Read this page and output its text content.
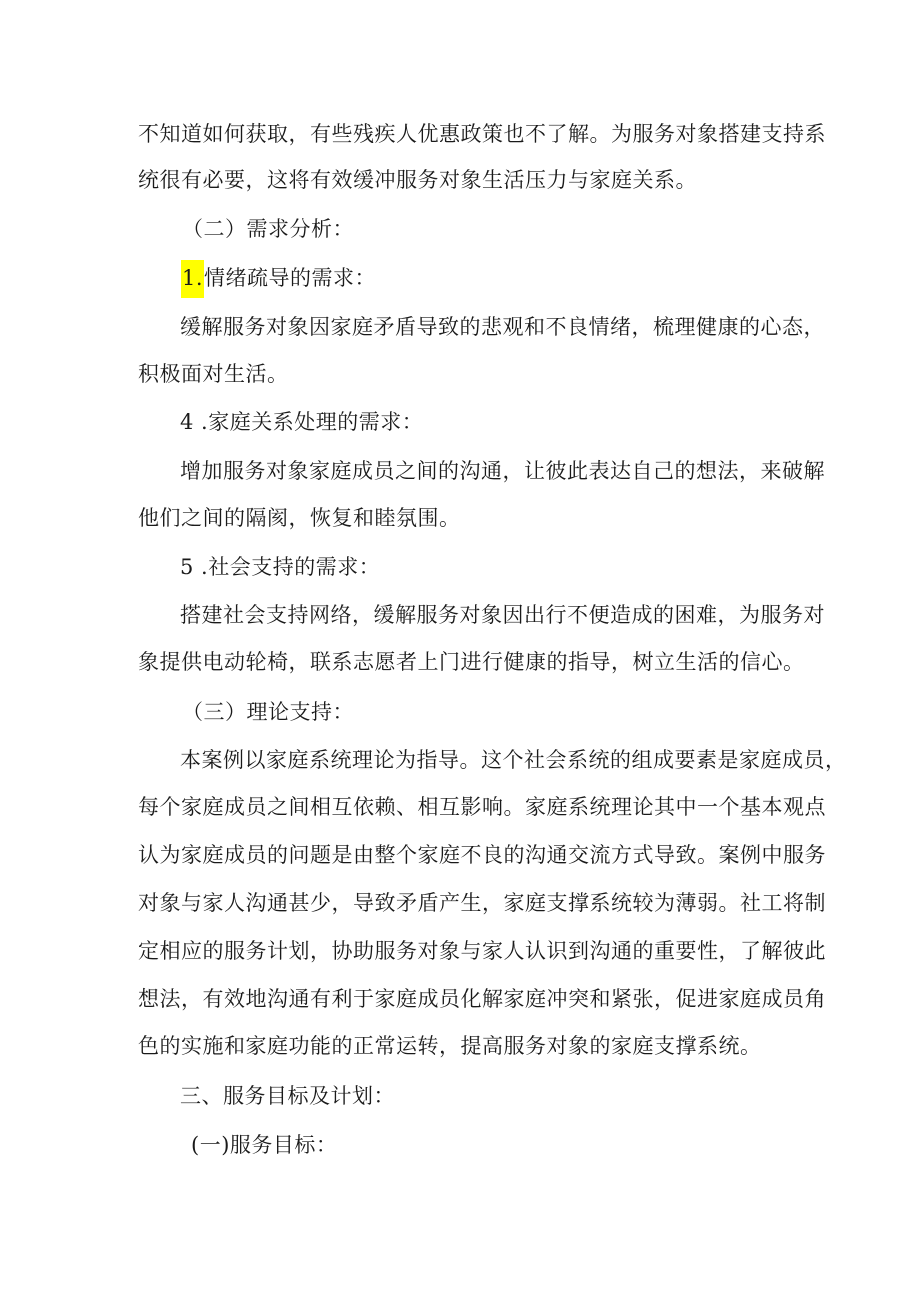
不知道如何获取，有些残疾人优惠政策也不了解。为服务对象搭建支持系
统很有必要，这将有效缓冲服务对象生活压力与家庭关系。
（二）需求分析：
1.情绪疏导的需求：
缓解服务对象因家庭矛盾导致的悲观和不良情绪，梳理健康的心态，
积极面对生活。
4 .家庭关系处理的需求：
增加服务对象家庭成员之间的沟通，让彼此表达自己的想法，来破解
他们之间的隔阂，恢复和睦氛围。
5 .社会支持的需求：
搭建社会支持网络，缓解服务对象因出行不便造成的困难，为服务对
象提供电动轮椅，联系志愿者上门进行健康的指导，树立生活的信心。
（三）理论支持：
本案例以家庭系统理论为指导。这个社会系统的组成要素是家庭成员，
每个家庭成员之间相互依赖、相互影响。家庭系统理论其中一个基本观点
认为家庭成员的问题是由整个家庭不良的沟通交流方式导致。案例中服务
对象与家人沟通甚少，导致矛盾产生，家庭支撑系统较为薄弱。社工将制
定相应的服务计划，协助服务对象与家人认识到沟通的重要性，了解彼此
想法，有效地沟通有利于家庭成员化解家庭冲突和紧张，促进家庭成员角
色的实施和家庭功能的正常运转，提高服务对象的家庭支撑系统。
三、服务目标及计划：
(一)服务目标：
